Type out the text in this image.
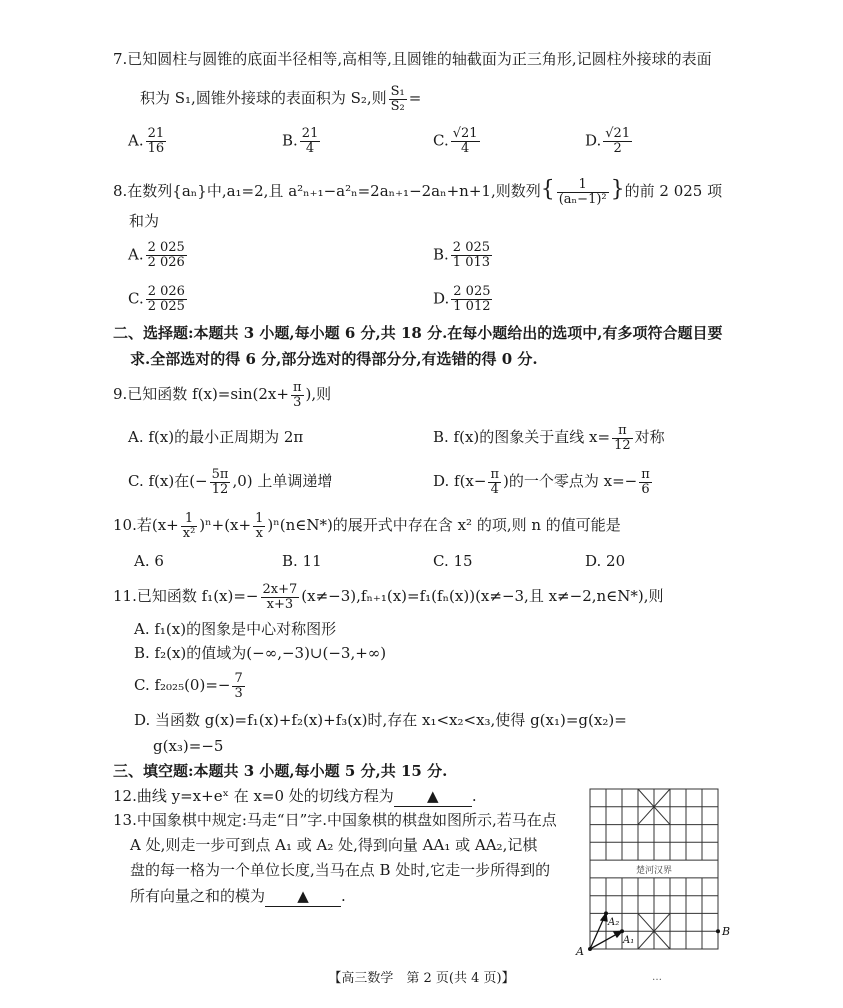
7.已知圆柱与圆锥的底面半径相等,高相等,且圆锥的轴截面为正三角形,记圆柱外接球的表面
积为 S₁,圆锥外接球的表面积为 S₂,则 $\frac{\text{S₁}}{\text{S₂}}$ =
A. $\frac{21}{16}$	B. $\frac{21}{4}$	C. $\frac{√21}{4}$	D. $\frac{√21}{2}$
8.在数列{aₙ}中,a₁=2,且 a²ₙ₊₁−a²ₙ=2aₙ₊₁−2aₙ+n+1,则数列{ $\frac{1}{\text{(aₙ−1)²}}$ }的前 2 025 项
和为
A. $\frac{2 025}{2 026}$	B. $\frac{2 025}{1 013}$
C. $\frac{2 026}{2 025}$	D. $\frac{2 025}{1 012}$
二、选择题:本题共 3 小题,每小题 6 分,共 18 分.在每小题给出的选项中,有多项符合题目要
求.全部选对的得 6 分,部分选对的得部分分,有选错的得 0 分.
9.已知函数 $f(x)=\sin(2x+ \frac{\pi}{3}$ ),则
A. f(x)的最小正周期为 2π	B. f(x)的图象关于直线 $x= \frac{\pi}{12}$ 对称
C. f(x)在(− $\frac{5\pi}{12} ,0$) 上单调递增	D. $f(x- \frac{\pi}{4}$ )的一个零点为 $x=- \frac{\pi}{6}$
10.若$(x+ \frac{1}{\text{x²}} )^n+(x+ \frac{1}{x}$ )ⁿ(n∈N*)的展开式中存在含 x² 的项,则 n 的值可能是
A. 6	B. 11	C. 15	D. 20
11.已知函数 $f_1(x)=- \frac{2x+7}{x+3} (x\ne-3),f_{n+1}(x)=f_1(f_n(x))(x\ne-3$,且 x≠−2,n∈N*),则
A. f₁(x)的图象是中心对称图形
B. f₂(x)的值域为(−∞,−3)∪(−3,+∞)
C. $f_{2025}(0)=- \frac{7}{3}$
D. 当函数 g(x)=f₁(x)+f₂(x)+f₃(x)时,存在 x₁<x₂<x₃,使得 g(x₁)=g(x₂)=
g(x₃)=−5
三、填空题:本题共 3 小题,每小题 5 分,共 15 分.
12.曲线 y=x+eˣ 在 x=0 处的切线方程为 ▲ .
13.中国象棋中规定:马走“日”字.中国象棋的棋盘如图所示,若马在点
A 处,则走一步可到点 A₁ 或 A₂ 处,得到向量 AA₁ 或 AA₂,记棋
盘的每一格为一个单位长度,当马在点 B 处时,它走一步所得到的
所有向量之和的模为 ▲ .
楚河汉界
A
A₁
A₂
B
【高三数学　第 2 页(共 4 页)】	…
